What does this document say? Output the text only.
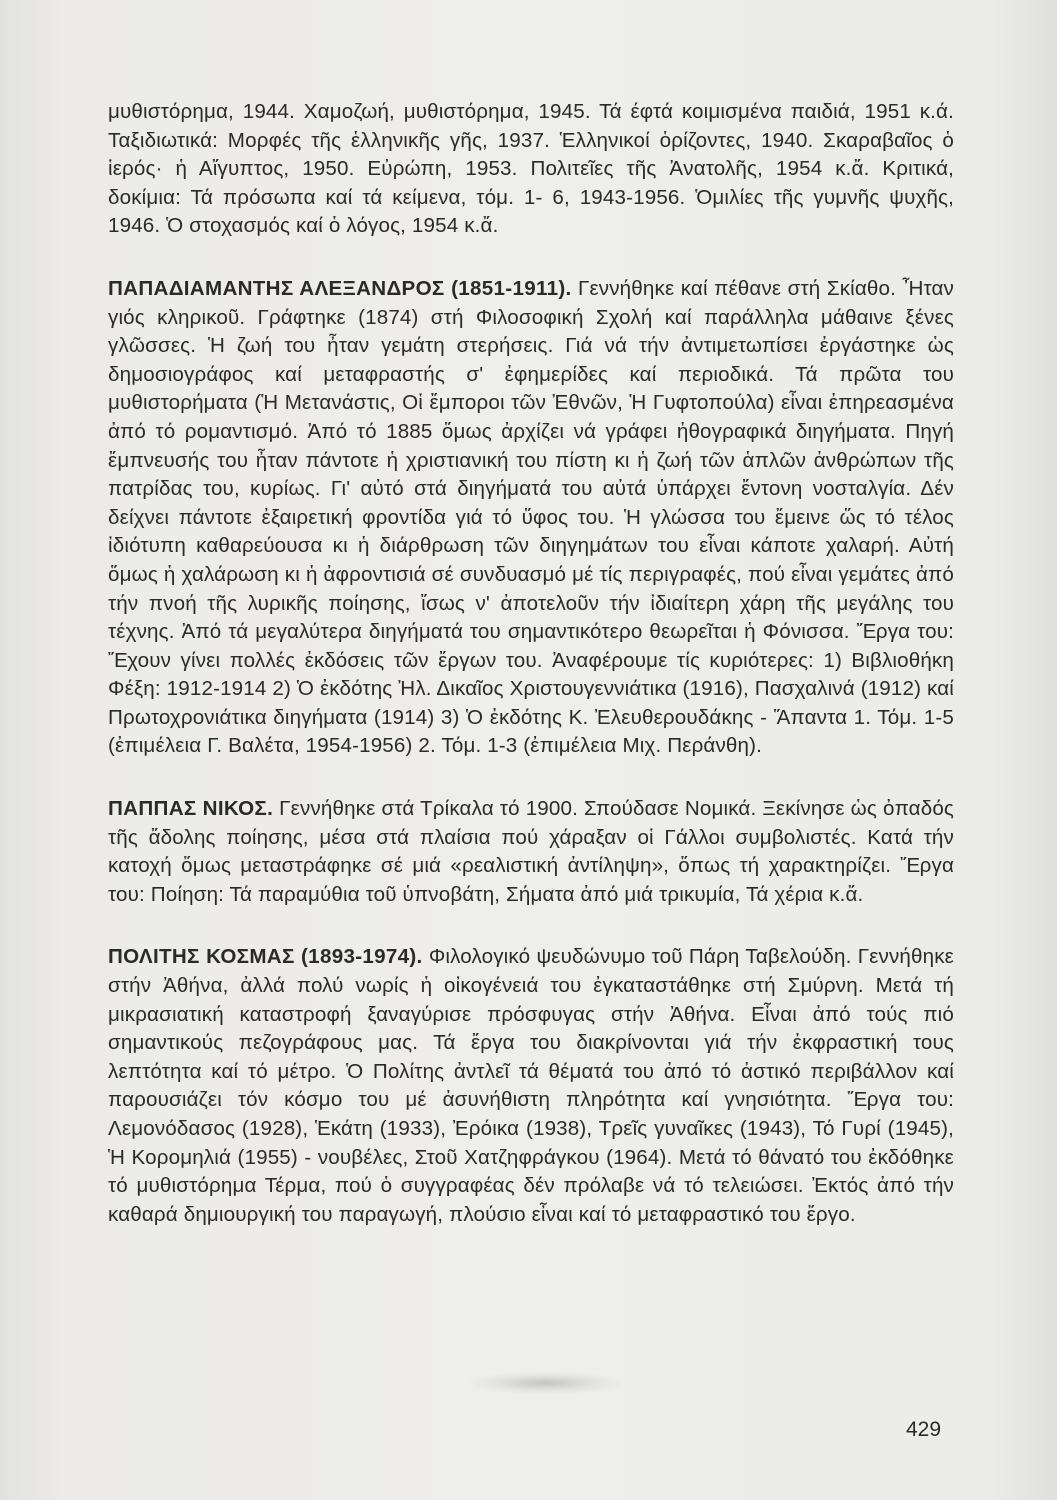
μυθιστόρημα, 1944. Χαμοζωή, μυθιστόρημα, 1945. Τά έφτά κοιμισμένα παιδιά, 1951 κ.ά. Ταξιδιωτικά: Μορφές τῆς ἑλληνικῆς γῆς, 1937. Ἑλληνικοί ὁρίζοντες, 1940. Σκαραβαῖος ὁ ἱερός· ἡ Αἴγυπτος, 1950. Εὐρώπη, 1953. Πολιτεῖες τῆς Ἀνατολῆς, 1954 κ.ἄ. Κριτικά, δοκίμια: Τά πρόσωπα καί τά κείμενα, τόμ. 1- 6, 1943-1956. Ὁμιλίες τῆς γυμνῆς ψυχῆς, 1946. Ὁ στοχασμός καί ὁ λόγος, 1954 κ.ἄ.

ΠΑΠΑΔΙΑΜΑΝΤΗΣ ΑΛΕΞΑΝΔΡΟΣ (1851-1911). Γεννήθηκε καί πέθανε στή Σκίαθο. Ἦταν γιός κληρικοῦ. Γράφτηκε (1874) στή Φιλοσοφική Σχολή καί παράλληλα μάθαινε ξένες γλῶσσες. Ἡ ζωή του ἦταν γεμάτη στερήσεις. Γιά νά τήν ἀντιμετωπίσει ἐργάστηκε ὡς δημοσιογράφος καί μεταφραστής σ' ἐφημερίδες καί περιοδικά. Τά πρῶτα του μυθιστορήματα (Ἡ Μετανάστις, Οἱ ἔμποροι τῶν Ἐθνῶν, Ἡ Γυφτοπούλα) εἶναι ἐπηρεασμένα ἀπό τό ρομαντισμό. Ἀπό τό 1885 ὅμως ἀρχίζει νά γράφει ἠθογραφικά διηγήματα. Πηγή ἔμπνευσής του ἦταν πάντοτε ἡ χριστιανική του πίστη κι ἡ ζωή τῶν ἁπλῶν ἀνθρώπων τῆς πατρίδας του, κυρίως. Γι' αὐτό στά διηγήματά του αὐτά ὑπάρχει ἔντονη νοσταλγία. Δέν δείχνει πάντοτε ἐξαιρετική φροντίδα γιά τό ὕφος του. Ἡ γλώσσα του ἔμεινε ὥς τό τέλος ἰδιότυπη καθαρεύουσα κι ἡ διάρθρωση τῶν διηγημάτων του εἶναι κάποτε χαλαρή. Αὐτή ὅμως ἡ χαλάρωση κι ἡ ἀφροντισιά σέ συνδυασμό μέ τίς περιγραφές, πού εἶναι γεμάτες ἀπό τήν πνοή τῆς λυρικῆς ποίησης, ἴσως ν' ἀποτελοῦν τήν ἰδιαίτερη χάρη τῆς μεγάλης του τέχνης. Ἀπό τά μεγαλύτερα διηγήματά του σημαντικότερο θεωρεῖται ἡ Φόνισσα. Ἔργα του: Ἔχουν γίνει πολλές ἐκδόσεις τῶν ἔργων του. Ἀναφέρουμε τίς κυριότερες: 1) Βιβλιοθήκη Φέξη: 1912-1914 2) Ὁ ἐκδότης Ἠλ. Δικαῖος Χριστουγεννιάτικα (1916), Πασχαλινά (1912) καί Πρωτοχρονιάτικα διηγήματα (1914) 3) Ὁ ἐκδότης Κ. Ἐλευθερουδάκης - Ἅπαντα 1. Τόμ. 1-5 (ἐπιμέλεια Γ. Βαλέτα, 1954-1956) 2. Τόμ. 1-3 (ἐπιμέλεια Μιχ. Περάνθη).

ΠΑΠΠΑΣ ΝΙΚΟΣ. Γεννήθηκε στά Τρίκαλα τό 1900. Σπούδασε Νομικά. Ξεκίνησε ὡς ὀπαδός τῆς ἄδολης ποίησης, μέσα στά πλαίσια πού χάραξαν οἱ Γάλλοι συμβολιστές. Κατά τήν κατοχή ὅμως μεταστράφηκε σέ μιά «ρεαλιστική ἀντίληψη», ὅπως τή χαρακτηρίζει. Ἔργα του: Ποίηση: Τά παραμύθια τοῦ ὑπνοβάτη, Σήματα ἀπό μιά τρικυμία, Τά χέρια κ.ἄ.

ΠΟΛΙΤΗΣ ΚΟΣΜΑΣ (1893-1974). Φιλολογικό ψευδώνυμο τοῦ Πάρη Ταβελούδη. Γεννήθηκε στήν Ἀθήνα, ἀλλά πολύ νωρίς ἡ οἰκογένειά του ἐγκαταστάθηκε στή Σμύρνη. Μετά τή μικρασιατική καταστροφή ξαναγύρισε πρόσφυγας στήν Ἀθήνα. Εἶναι ἀπό τούς πιό σημαντικούς πεζογράφους μας. Τά ἔργα του διακρίνονται γιά τήν ἐκφραστική τους λεπτότητα καί τό μέτρο. Ὁ Πολίτης ἀντλεῖ τά θέματά του ἀπό τό ἀστικό περιβάλλον καί παρουσιάζει τόν κόσμο του μέ ἀσυνήθιστη πληρότητα καί γνησιότητα. Ἔργα του: Λεμονόδασος (1928), Ἑκάτη (1933), Ἐρόικα (1938), Τρεῖς γυναῖκες (1943), Τό Γυρί (1945), Ἡ Κορομηλιά (1955) - νουβέλες, Στοῦ Χατζηφράγκου (1964). Μετά τό θάνατό του ἐκδόθηκε τό μυθιστόρημα Τέρμα, πού ὁ συγγραφέας δέν πρόλαβε νά τό τελειώσει. Ἐκτός ἀπό τήν καθαρά δημιουργική του παραγωγή, πλούσιο εἶναι καί τό μεταφραστικό του ἔργο.

429
